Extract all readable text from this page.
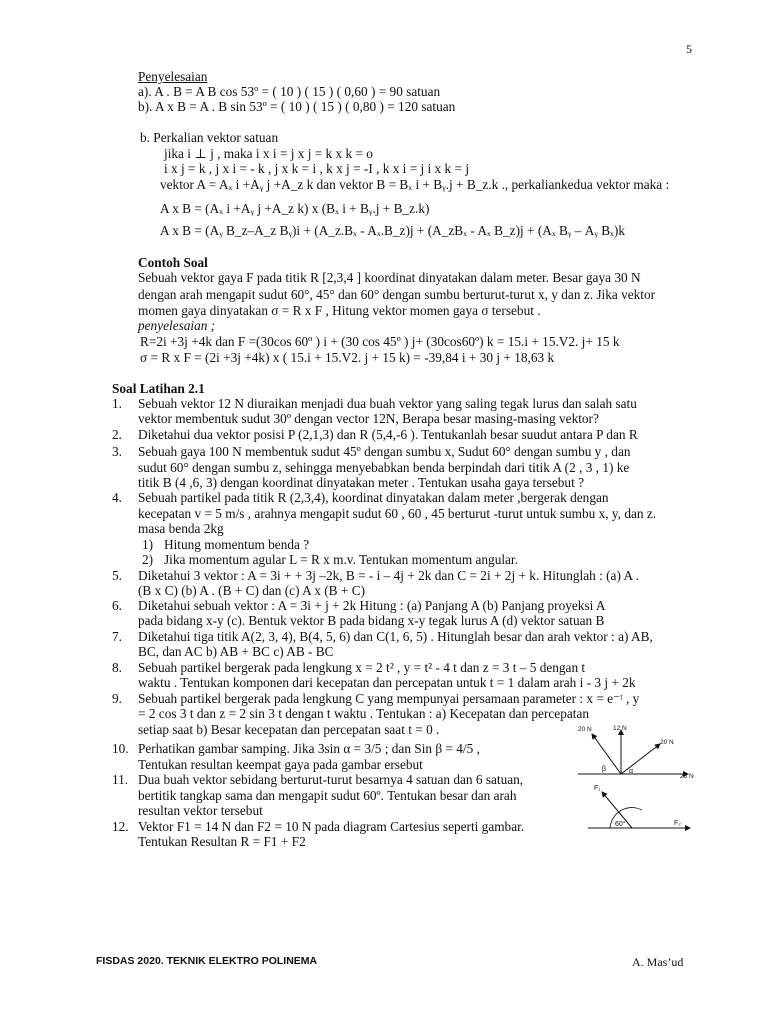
5
Penyelesaian
a). A . B = A B cos 53º = ( 10 ) ( 15 ) ( 0,60 ) = 90 satuan
b). A x B = A . B sin 53º = ( 10 ) ( 15 ) ( 0,80 ) = 120 satuan
b. Perkalian vektor satuan
jika i ⊥ j , maka i x i = j x j = k x k = o
i x j = k , j x i = - k , j x k = i , k x j = -I , k x i = j i x k = j
vektor A = Aₓ i +Aᵧ j +A_z k dan vektor B = Bₓ i + Bᵧ.j + B_z.k ., perkaliankedua vektor maka :
A x B = (Aₓ i +Aᵧ j +A_z k) x (Bₓ i + Bᵧ.j + B_z.k)
A x B = (Aᵧ B_z–A_z Bᵧ)i + (A_z.Bₓ - Aₓ.B_z)j + (A_zBₓ - Aₓ B_z)j + (Aₓ Bᵧ – Aᵧ Bₓ)k
Contoh Soal
Sebuah vektor gaya F pada titik R [2,3,4 ] koordinat dinyatakan dalam meter. Besar gaya 30 N
dengan arah mengapit sudut 60°, 45° dan 60° dengan sumbu berturut-turut x, y dan z. Jika vektor
momen gaya dinyatakan σ = R x F , Hitung vektor momen gaya σ tersebut .
penyelesaian ;
R=2i +3j +4k dan F =(30cos 60º ) i + (30 cos 45º ) j+ (30cos60º) k = 15.i + 15.V2. j+ 15 k
σ = R x F = (2i +3j +4k) x ( 15.i + 15.V2. j + 15 k) = -39,84 i + 30 j + 18,63 k
Soal Latihan 2.1
1. Sebuah vektor 12 N diuraikan menjadi dua buah vektor yang saling tegak lurus dan salah satu
vektor membentuk sudut 30º dengan vector 12N, Berapa besar masing-masing vektor?
2. Diketahui dua vektor posisi P (2,1,3) dan R (5,4,-6 ). Tentukanlah besar suudut antara P dan R
3. Sebuah gaya 100 N membentuk sudut 45º dengan sumbu x, Sudut 60° dengan sumbu y , dan
sudut 60° dengan sumbu z, sehingga menyebabkan benda berpindah dari titik A (2 , 3 , 1) ke
titik B (4 ,6, 3) dengan koordinat dinyatakan meter . Tentukan usaha gaya tersebut ?
4. Sebuah partikel pada titik R (2,3,4), koordinat dinyatakan dalam meter ,bergerak dengan
kecepatan v = 5 m/s , arahnya mengapit sudut 60 , 60 , 45 berturut -turut untuk sumbu x, y, dan z.
masa benda 2kg
1) Hitung momentum benda ?
2) Jika momentum agular L = R x m.v. Tentukan momentum angular.
5. Diketahui 3 vektor : A = 3i + + 3j –2k, B = - i – 4j + 2k dan C = 2i + 2j + k. Hitunglah : (a) A .
(B x C) (b) A . (B + C) dan (c) A x (B + C)
6. Diketahui sebuah vektor : A = 3i + j + 2k Hitung : (a) Panjang A (b) Panjang proyeksi A
pada bidang x-y (c). Bentuk vektor B pada bidang x-y tegak lurus A (d) vektor satuan B
7. Diketahui tiga titik A(2, 3, 4), B(4, 5, 6) dan C(1, 6, 5) . Hitunglah besar dan arah vektor : a) AB,
BC, dan AC b) AB + BC c) AB - BC
8. Sebuah partikel bergerak pada lengkung x = 2 t² , y = t² - 4 t dan z = 3 t – 5 dengan t
waktu . Tentukan komponen dari kecepatan dan percepatan untuk t = 1 dalam arah i - 3 j + 2k
9. Sebuah partikel bergerak pada lengkung C yang mempunyai persamaan parameter : x = e⁻ᵗ , y
= 2 cos 3 t dan z = 2 sin 3 t dengan t waktu . Tentukan : a) Kecepatan dan percepatan
setiap saat b) Besar kecepatan dan percepatan saat t = 0 .
10. Perhatikan gambar samping. Jika 3sin α = 3/5 ; dan Sin β = 4/5 ,
Tentukan resultan keempat gaya pada gambar ersebut
11. Dua buah vektor sebidang berturut-turut besarnya 4 satuan dan 6 satuan,
bertitik tangkap sama dan mengapit sudut 60º. Tentukan besar dan arah
resultan vektor tersebut
12. Vektor F1 = 14 N dan F2 = 10 N pada diagram Cartesius seperti gambar.
Tentukan Resultan R = F1 + F2
20 N	12 N
20 N
26 N
β	α
F₁
F₂
60°
FISDAS 2020. TEKNIK ELEKTRO POLINEMA	A. Mas’ud
